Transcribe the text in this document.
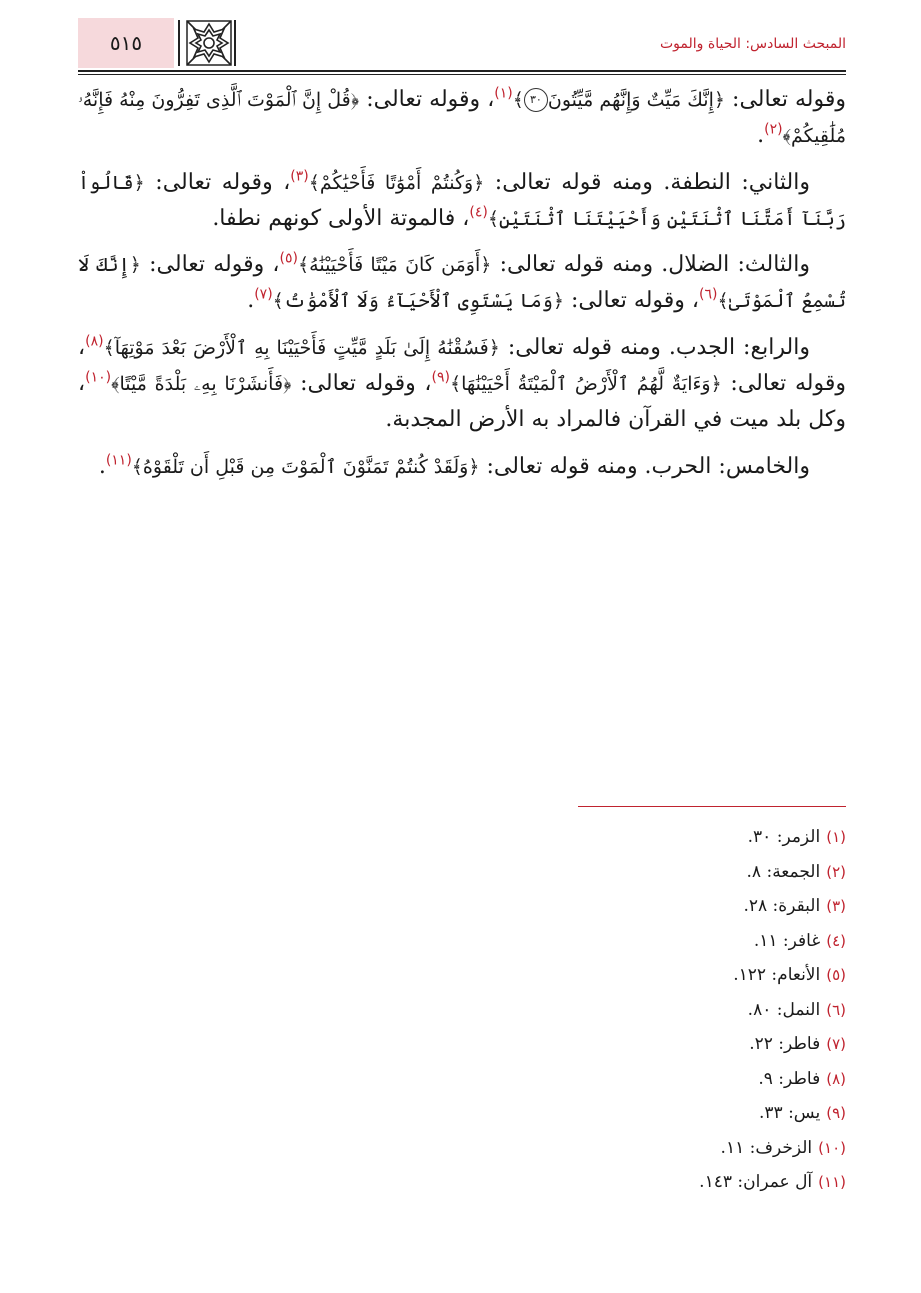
٥١٥	المبحث السادس: الحياة والموت

وقوله تعالى: ﴿إِنَّكَ مَيِّتٌ وَإِنَّهُم مَّيِّتُونَ٣٠﴾$^{(١)}$، وقوله تعالى: ﴿قُلْ إِنَّ ٱلْمَوْتَ ٱلَّذِى تَفِرُّونَ مِنْهُ فَإِنَّهُۥ مُلَٰقِيكُمْ﴾$^{(٢)}$.

والثاني: النطفة. ومنه قوله تعالى: ﴿وَكُنتُمْ أَمْوَٰتًا فَأَحْيَٰكُمْ﴾$^{(٣)}$، وقوله تعالى: ﴿قَالُواْ رَبَّنَآ أَمَتَّنَا ٱثْنَتَيْنِ وَأَحْيَيْتَنَا ٱثْنَتَيْنِ﴾$^{(٤)}$، فالموتة الأولى كونهم نطفا.

والثالث: الضلال. ومنه قوله تعالى: ﴿أَوَمَن كَانَ مَيْتًا فَأَحْيَيْنَٰهُ﴾$^{(٥)}$، وقوله تعالى: ﴿إِنَّكَ لَا تُسْمِعُ ٱلْمَوْتَىٰ﴾$^{(٦)}$، وقوله تعالى: ﴿وَمَا يَسْتَوِى ٱلْأَحْيَآءُ وَلَا ٱلْأَمْوَٰتُ﴾$^{(٧)}$.

والرابع: الجدب. ومنه قوله تعالى: ﴿فَسُقْنَٰهُ إِلَىٰ بَلَدٍ مَّيِّتٍ فَأَحْيَيْنَا بِهِ ٱلْأَرْضَ بَعْدَ مَوْتِهَآ﴾$^{(٨)}$، وقوله تعالى: ﴿وَءَايَةٌ لَّهُمُ ٱلْأَرْضُ ٱلْمَيْتَةُ أَحْيَيْنَٰهَا﴾$^{(٩)}$، وقوله تعالى: ﴿فَأَنشَرْنَا بِهِۦ بَلْدَةً مَّيْتًا﴾$^{(١٠)}$، وكل بلد ميت في القرآن فالمراد به الأرض المجدبة.

والخامس: الحرب. ومنه قوله تعالى: ﴿وَلَقَدْ كُنتُمْ تَمَنَّوْنَ ٱلْمَوْتَ مِن قَبْلِ أَن تَلْقَوْهُ﴾$^{(١١)}$.

(١)الزمر: ٣٠.
(٢)الجمعة: ٨.
(٣)البقرة: ٢٨.
(٤)غافر: ١١.
(٥)الأنعام: ١٢٢.
(٦)النمل: ٨٠.
(٧)فاطر: ٢٢.
(٨)فاطر: ٩.
(٩)يس: ٣٣.
(١٠)الزخرف: ١١.
(١١)آل عمران: ١٤٣.
